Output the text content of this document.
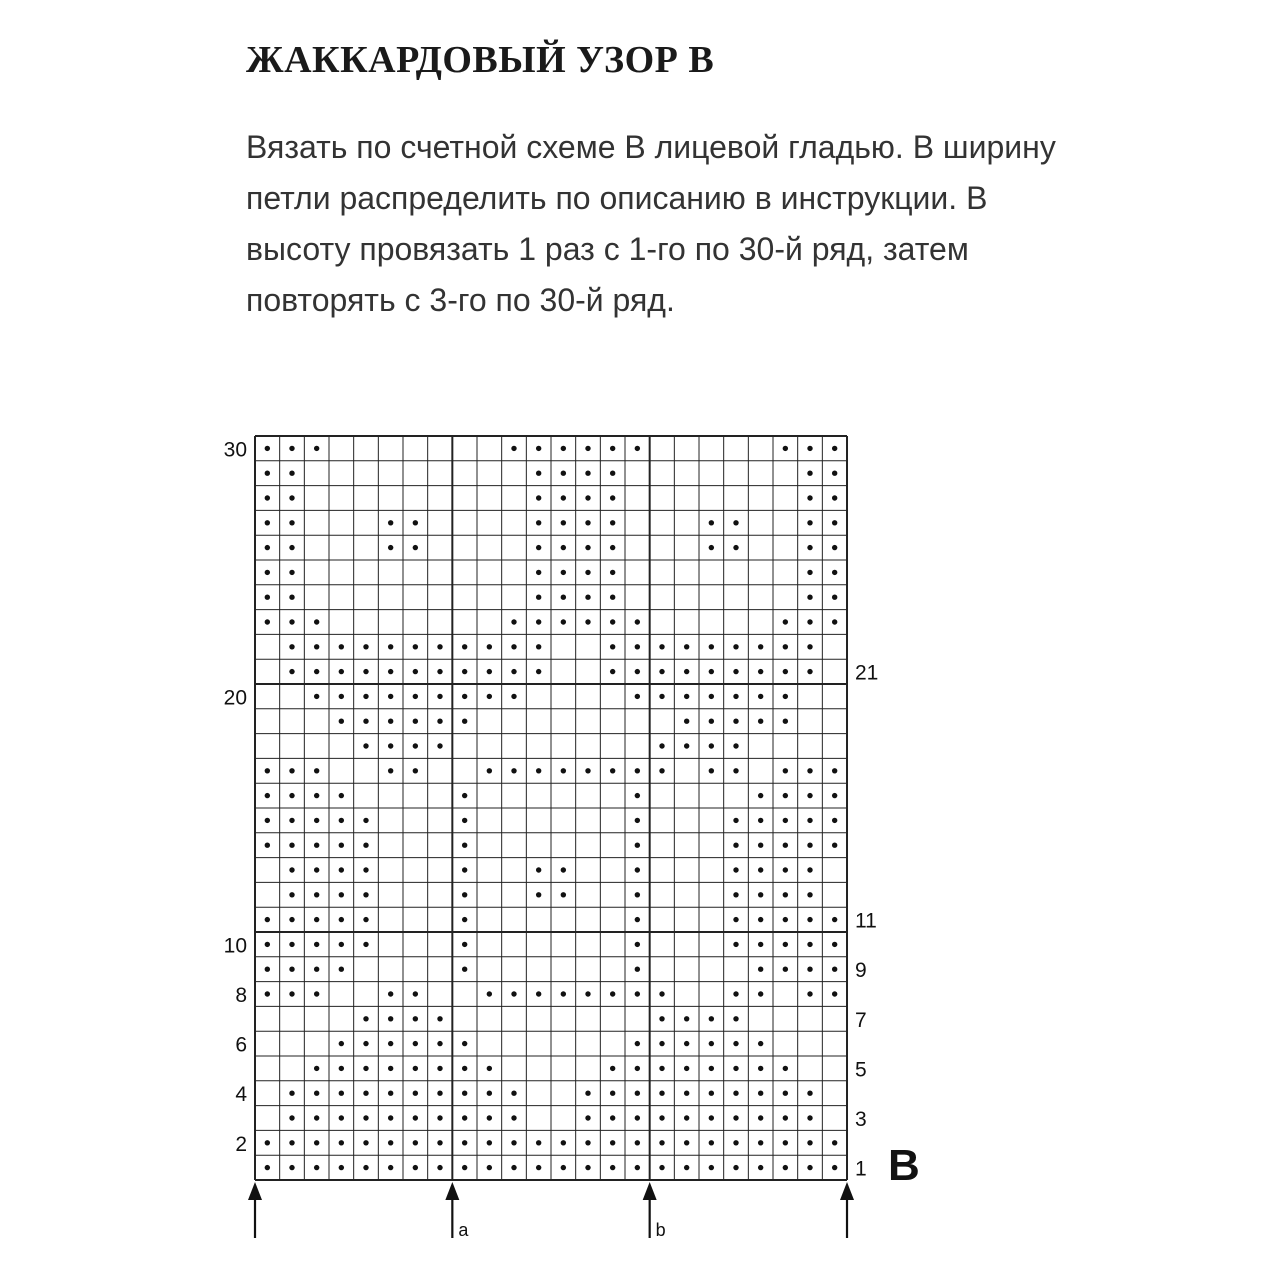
ЖАККАРДОВЫЙ УЗОР В

Вязать по счетной схеме В лицевой гладью. В ширину петли распределить по описанию в инструкции. В высоту провязать 1 раз с 1-го по 30-й ряд, затем повторять с 3-го по 30-й ряд.

2
4
6
8
10
20
30
1
3
5
7
9
11
21
a	b
B
